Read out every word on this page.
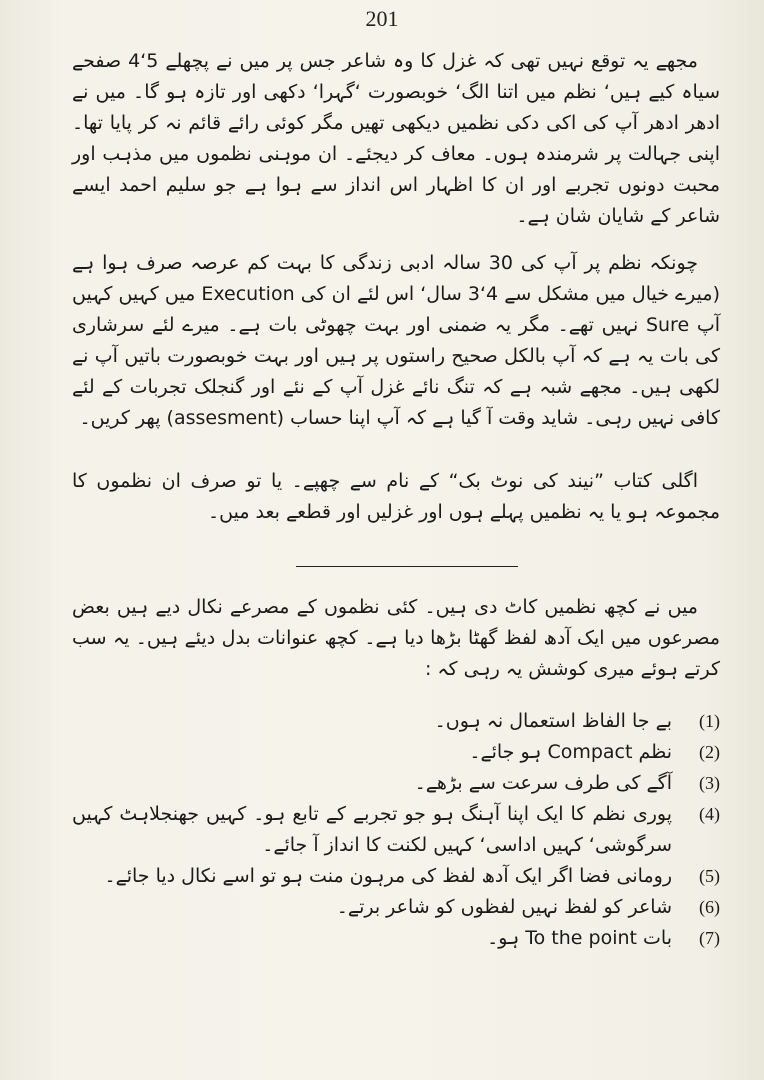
201

مجھے یہ توقع نہیں تھی کہ غزل کا وہ شاعر جس پر میں نے پچھلے 5‘4 صفحے سیاہ کیے ہیں‘ نظم میں اتنا الگ‘ خوبصورت ‘گہرا‘ دکھی اور تازہ ہو گا۔ میں نے ادھر ادھر آپ کی اکی دکی نظمیں دیکھی تھیں مگر کوئی رائے قائم نہ کر پایا تھا۔ اپنی جہالت پر شرمندہ ہوں۔ معاف کر دیجئے۔ ان موہنی نظموں میں مذہب اور محبت دونوں تجربے اور ان کا اظہار اس انداز سے ہوا ہے جو سلیم احمد ایسے شاعر کے شایان شان ہے۔

چونکہ نظم پر آپ کی 30 سالہ ادبی زندگی کا بہت کم عرصہ صرف ہوا ہے (میرے خیال میں مشکل سے 4‘3 سال‘ اس لئے ان کی Execution میں کہیں کہیں آپ Sure نہیں تھے۔ مگر یہ ضمنی اور بہت چھوٹی بات ہے۔ میرے لئے سرشاری کی بات یہ ہے کہ آپ بالکل صحیح راستوں پر ہیں اور بہت خوبصورت باتیں آپ نے لکھی ہیں۔ مجھے شبہ ہے کہ تنگ نائے غزل آپ کے نئے اور گنجلک تجربات کے لئے کافی نہیں رہی۔ شاید وقت آ گیا ہے کہ آپ اپنا حساب (assesment) پھر کریں۔

اگلی کتاب ”نیند کی نوٹ بک“ کے نام سے چھپے۔ یا تو صرف ان نظموں کا مجموعہ ہو یا یہ نظمیں پہلے ہوں اور غزلیں اور قطعے بعد میں۔

میں نے کچھ نظمیں کاٹ دی ہیں۔ کئی نظموں کے مصرعے نکال دیے ہیں بعض مصرعوں میں ایک آدھ لفظ گھٹا بڑھا دیا ہے۔ کچھ عنوانات بدل دیئے ہیں۔ یہ سب کرتے ہوئے میری کوشش یہ رہی کہ :

(1)
بے جا الفاظ استعمال نہ ہوں۔
(2)
نظم Compact ہو جائے۔
(3)
آگے کی طرف سرعت سے بڑھے۔
(4)
پوری نظم کا ایک اپنا آہنگ ہو جو تجربے کے تابع ہو۔ کہیں جھنجلاہٹ کہیں سرگوشی‘ کہیں اداسی‘ کہیں لکنت کا انداز آ جائے۔
(5)
رومانی فضا اگر ایک آدھ لفظ کی مرہون منت ہو تو اسے نکال دیا جائے۔
(6)
شاعر کو لفظ نہیں لفظوں کو شاعر برتے۔
(7)
بات To the point ہو۔
